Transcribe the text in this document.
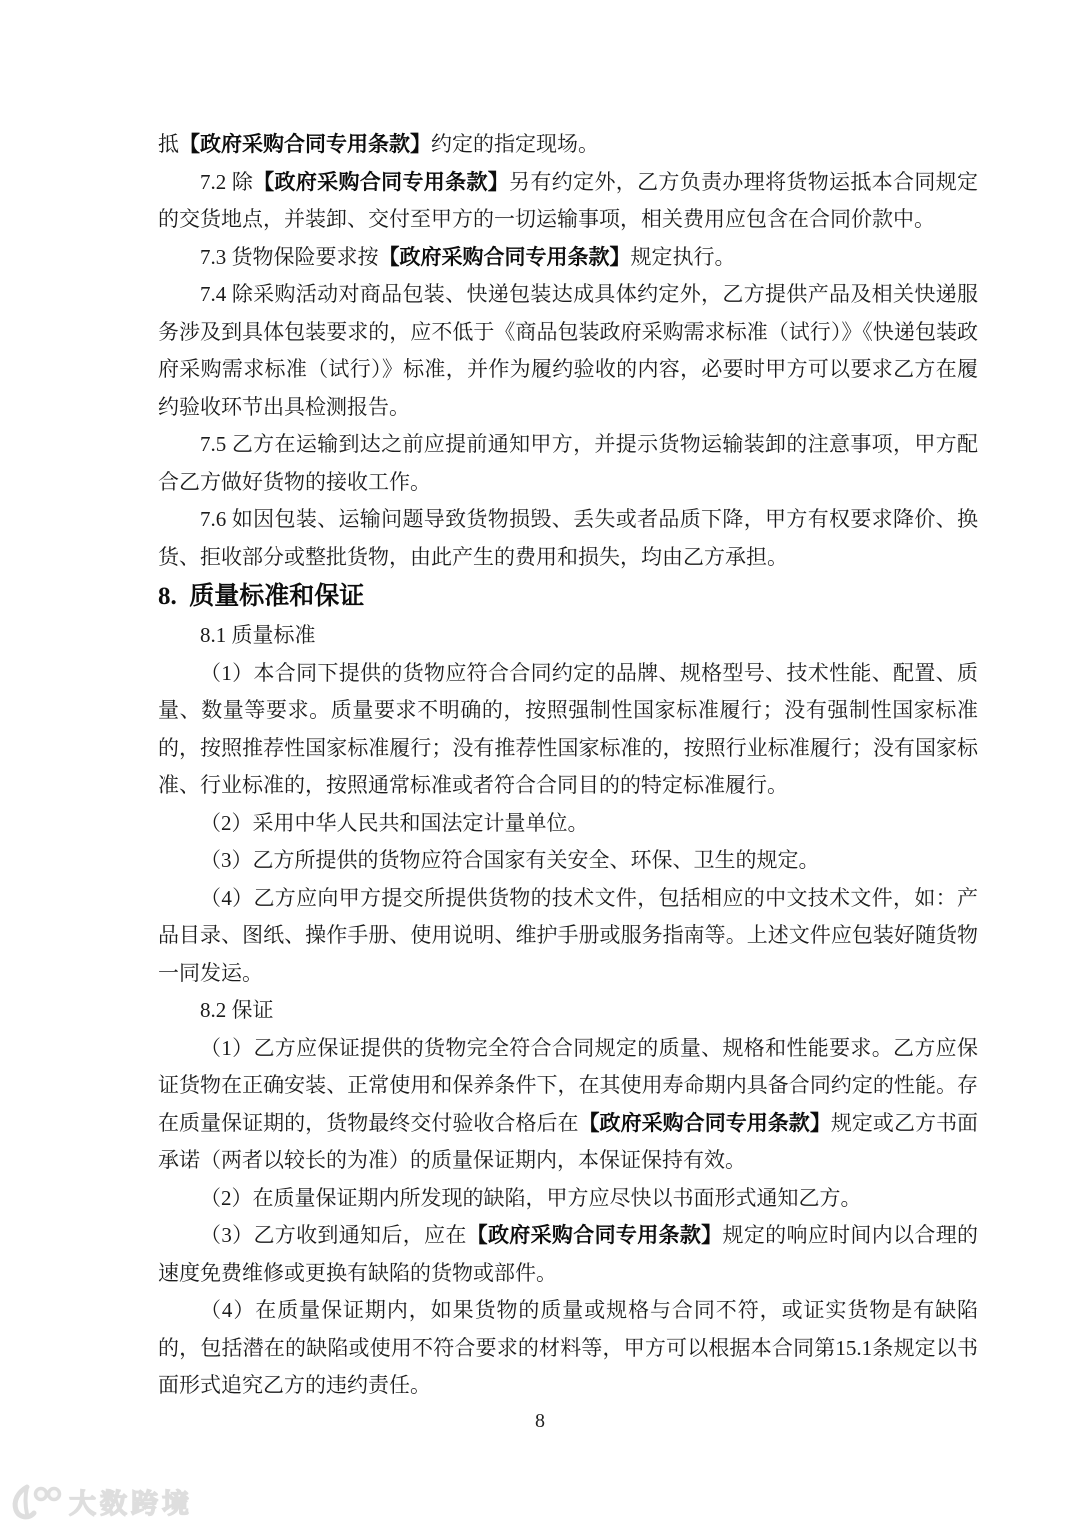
抵【政府采购合同专用条款】约定的指定现场。

7.2 除【政府采购合同专用条款】另有约定外，乙方负责办理将货物运抵本合同规定的交货地点，并装卸、交付至甲方的一切运输事项，相关费用应包含在合同价款中。

7.3 货物保险要求按【政府采购合同专用条款】规定执行。

7.4 除采购活动对商品包装、快递包装达成具体约定外，乙方提供产品及相关快递服务涉及到具体包装要求的，应不低于《商品包装政府采购需求标准（试行）》《快递包装政府采购需求标准（试行）》标准，并作为履约验收的内容，必要时甲方可以要求乙方在履约验收环节出具检测报告。

7.5 乙方在运输到达之前应提前通知甲方，并提示货物运输装卸的注意事项，甲方配合乙方做好货物的接收工作。

7.6 如因包装、运输问题导致货物损毁、丢失或者品质下降，甲方有权要求降价、换货、拒收部分或整批货物，由此产生的费用和损失，均由乙方承担。

8.  质量标准和保证

8.1 质量标准

（1）本合同下提供的货物应符合合同约定的品牌、规格型号、技术性能、配置、质量、数量等要求。质量要求不明确的，按照强制性国家标准履行；没有强制性国家标准的，按照推荐性国家标准履行；没有推荐性国家标准的，按照行业标准履行；没有国家标准、行业标准的，按照通常标准或者符合合同目的的特定标准履行。

（2）采用中华人民共和国法定计量单位。

（3）乙方所提供的货物应符合国家有关安全、环保、卫生的规定。

（4）乙方应向甲方提交所提供货物的技术文件，包括相应的中文技术文件，如：产品目录、图纸、操作手册、使用说明、维护手册或服务指南等。上述文件应包装好随货物一同发运。

8.2 保证

（1）乙方应保证提供的货物完全符合合同规定的质量、规格和性能要求。乙方应保证货物在正确安装、正常使用和保养条件下，在其使用寿命期内具备合同约定的性能。存在质量保证期的，货物最终交付验收合格后在【政府采购合同专用条款】规定或乙方书面承诺（两者以较长的为准）的质量保证期内，本保证保持有效。

（2）在质量保证期内所发现的缺陷，甲方应尽快以书面形式通知乙方。

（3）乙方收到通知后，应在【政府采购合同专用条款】规定的响应时间内以合理的速度免费维修或更换有缺陷的货物或部件。

（4）在质量保证期内，如果货物的质量或规格与合同不符，或证实货物是有缺陷的，包括潜在的缺陷或使用不符合要求的材料等，甲方可以根据本合同第15.1条规定以书面形式追究乙方的违约责任。

8
大数跨境
